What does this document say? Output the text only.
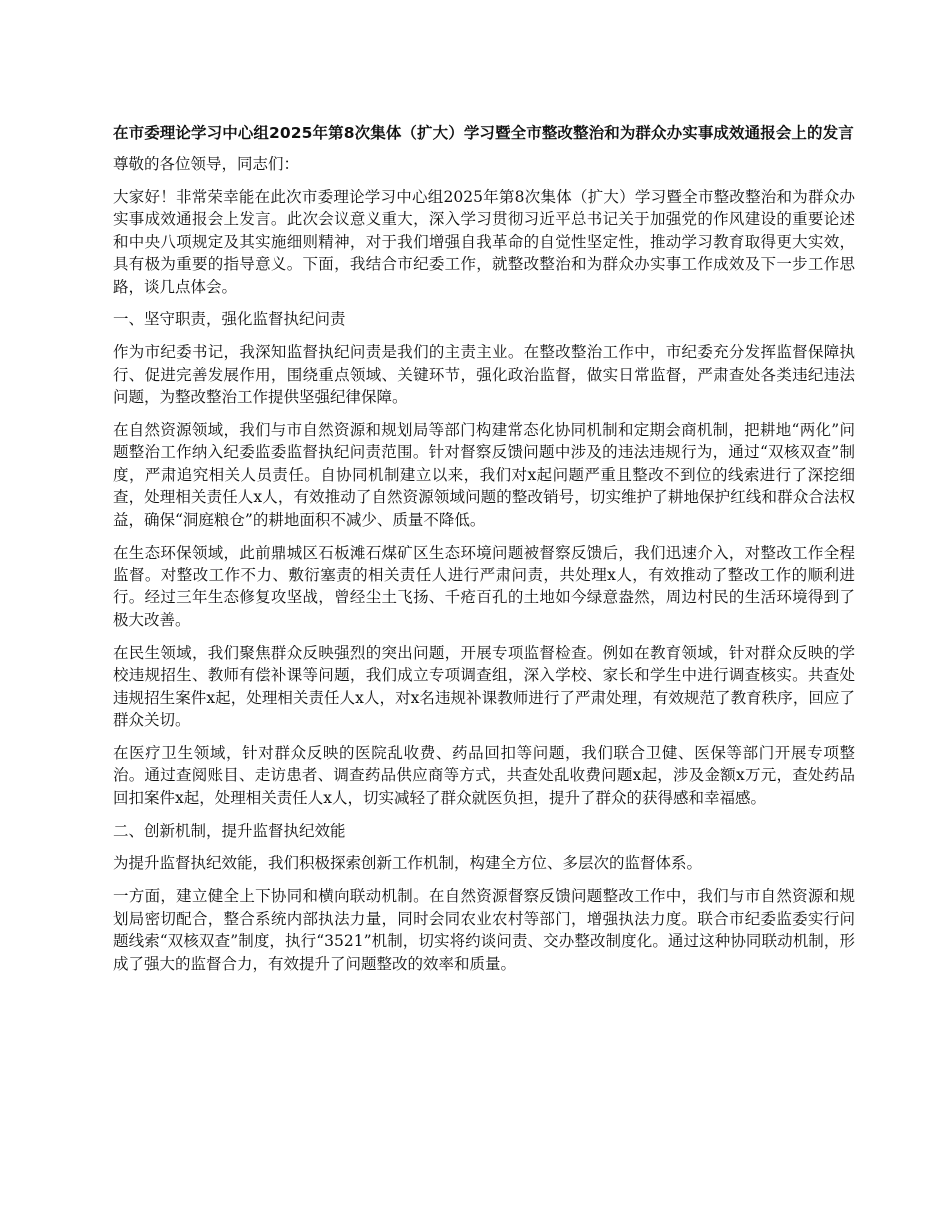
在市委理论学习中心组2025年第8次集体（扩大）学习暨全市整改整治和为群众办实事成效通报会上的发言
尊敬的各位领导，同志们：
大家好！非常荣幸能在此次市委理论学习中心组2025年第8次集体（扩大）学习暨全市整改整治和为群众办实事成效通报会上发言。此次会议意义重大，深入学习贯彻习近平总书记关于加强党的作风建设的重要论述和中央八项规定及其实施细则精神，对于我们增强自我革命的自觉性坚定性，推动学习教育取得更大实效，具有极为重要的指导意义。下面，我结合市纪委工作，就整改整治和为群众办实事工作成效及下一步工作思路，谈几点体会。
一、坚守职责，强化监督执纪问责
作为市纪委书记，我深知监督执纪问责是我们的主责主业。在整改整治工作中，市纪委充分发挥监督保障执行、促进完善发展作用，围绕重点领域、关键环节，强化政治监督，做实日常监督，严肃查处各类违纪违法问题，为整改整治工作提供坚强纪律保障。
在自然资源领域，我们与市自然资源和规划局等部门构建常态化协同机制和定期会商机制，把耕地“两化”问题整治工作纳入纪委监委监督执纪问责范围。针对督察反馈问题中涉及的违法违规行为，通过“双核双查”制度，严肃追究相关人员责任。自协同机制建立以来，我们对x起问题严重且整改不到位的线索进行了深挖细查，处理相关责任人x人，有效推动了自然资源领域问题的整改销号，切实维护了耕地保护红线和群众合法权益，确保“洞庭粮仓”的耕地面积不减少、质量不降低。
在生态环保领域，此前鼎城区石板滩石煤矿区生态环境问题被督察反馈后，我们迅速介入，对整改工作全程监督。对整改工作不力、敷衍塞责的相关责任人进行严肃问责，共处理x人，有效推动了整改工作的顺利进行。经过三年生态修复攻坚战，曾经尘土飞扬、千疮百孔的土地如今绿意盎然，周边村民的生活环境得到了极大改善。
在民生领域，我们聚焦群众反映强烈的突出问题，开展专项监督检查。例如在教育领域，针对群众反映的学校违规招生、教师有偿补课等问题，我们成立专项调查组，深入学校、家长和学生中进行调查核实。共查处违规招生案件x起，处理相关责任人x人，对x名违规补课教师进行了严肃处理，有效规范了教育秩序，回应了群众关切。
在医疗卫生领域，针对群众反映的医院乱收费、药品回扣等问题，我们联合卫健、医保等部门开展专项整治。通过查阅账目、走访患者、调查药品供应商等方式，共查处乱收费问题x起，涉及金额x万元，查处药品回扣案件x起，处理相关责任人x人，切实减轻了群众就医负担，提升了群众的获得感和幸福感。
二、创新机制，提升监督执纪效能
为提升监督执纪效能，我们积极探索创新工作机制，构建全方位、多层次的监督体系。
一方面，建立健全上下协同和横向联动机制。在自然资源督察反馈问题整改工作中，我们与市自然资源和规划局密切配合，整合系统内部执法力量，同时会同农业农村等部门，增强执法力度。联合市纪委监委实行问题线索“双核双查”制度，执行“3521”机制，切实将约谈问责、交办整改制度化。通过这种协同联动机制，形成了强大的监督合力，有效提升了问题整改的效率和质量。
